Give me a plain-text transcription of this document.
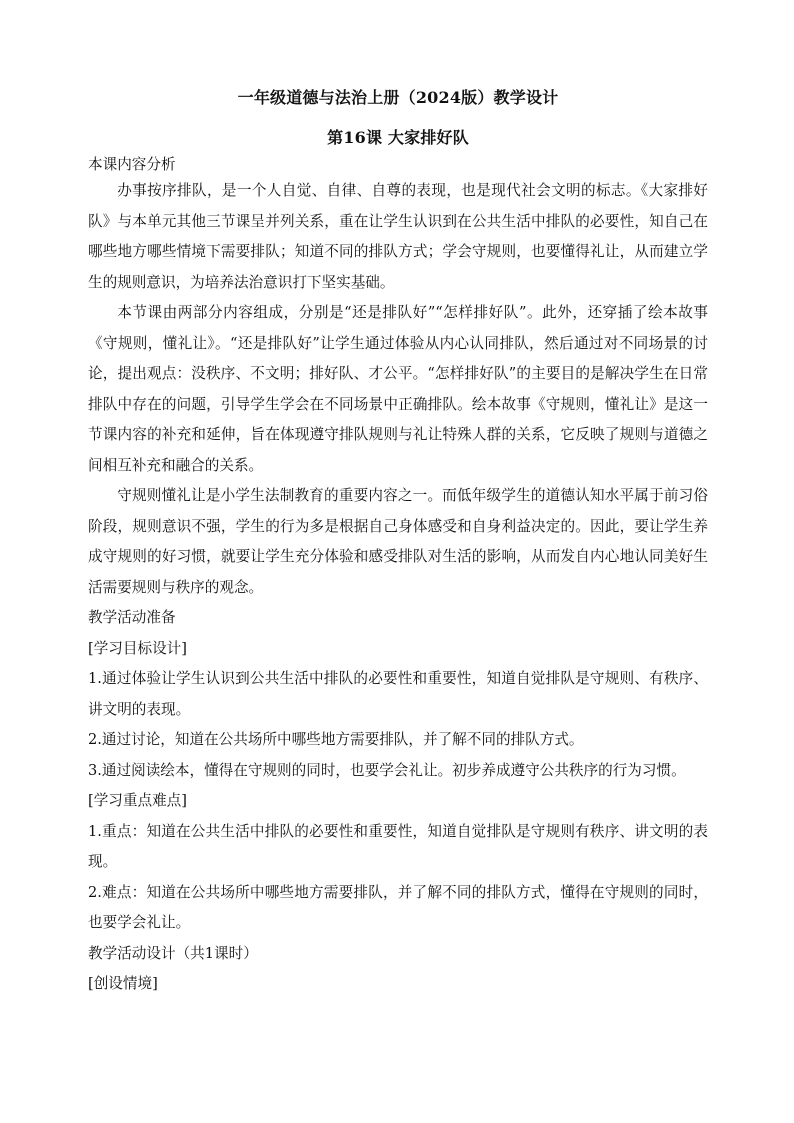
一年级道德与法治上册（2024版）教学设计
第16课 大家排好队

本课内容分析

办事按序排队，是一个人自觉、自律、自尊的表现，也是现代社会文明的标志。《大家排好队》与本单元其他三节课呈并列关系，重在让学生认识到在公共生活中排队的必要性，知自己在哪些地方哪些情境下需要排队；知道不同的排队方式；学会守规则，也要懂得礼让，从而建立学生的规则意识，为培养法治意识打下坚实基础。

本节课由两部分内容组成，分别是“还是排队好”“怎样排好队”。此外，还穿插了绘本故事《守规则，懂礼让》。“还是排队好”让学生通过体验从内心认同排队，然后通过对不同场景的讨论，提出观点：没秩序、不文明；排好队、才公平。“怎样排好队”的主要目的是解决学生在日常排队中存在的问题，引导学生学会在不同场景中正确排队。绘本故事《守规则，懂礼让》是这一节课内容的补充和延伸，旨在体现遵守排队规则与礼让特殊人群的关系，它反映了规则与道德之间相互补充和融合的关系。

守规则懂礼让是小学生法制教育的重要内容之一。而低年级学生的道德认知水平属于前习俗阶段，规则意识不强，学生的行为多是根据自己身体感受和自身利益决定的。因此，要让学生养成守规则的好习惯，就要让学生充分体验和感受排队对生活的影响，从而发自内心地认同美好生活需要规则与秩序的观念。

教学活动准备

[学习目标设计]

1.通过体验让学生认识到公共生活中排队的必要性和重要性，知道自觉排队是守规则、有秩序、讲文明的表现。

2.通过讨论，知道在公共场所中哪些地方需要排队，并了解不同的排队方式。

3.通过阅读绘本，懂得在守规则的同时，也要学会礼让。初步养成遵守公共秩序的行为习惯。

[学习重点难点]

1.重点：知道在公共生活中排队的必要性和重要性，知道自觉排队是守规则有秩序、讲文明的表现。

2.难点：知道在公共场所中哪些地方需要排队，并了解不同的排队方式，懂得在守规则的同时，也要学会礼让。

教学活动设计（共1课时）

[创设情境]
